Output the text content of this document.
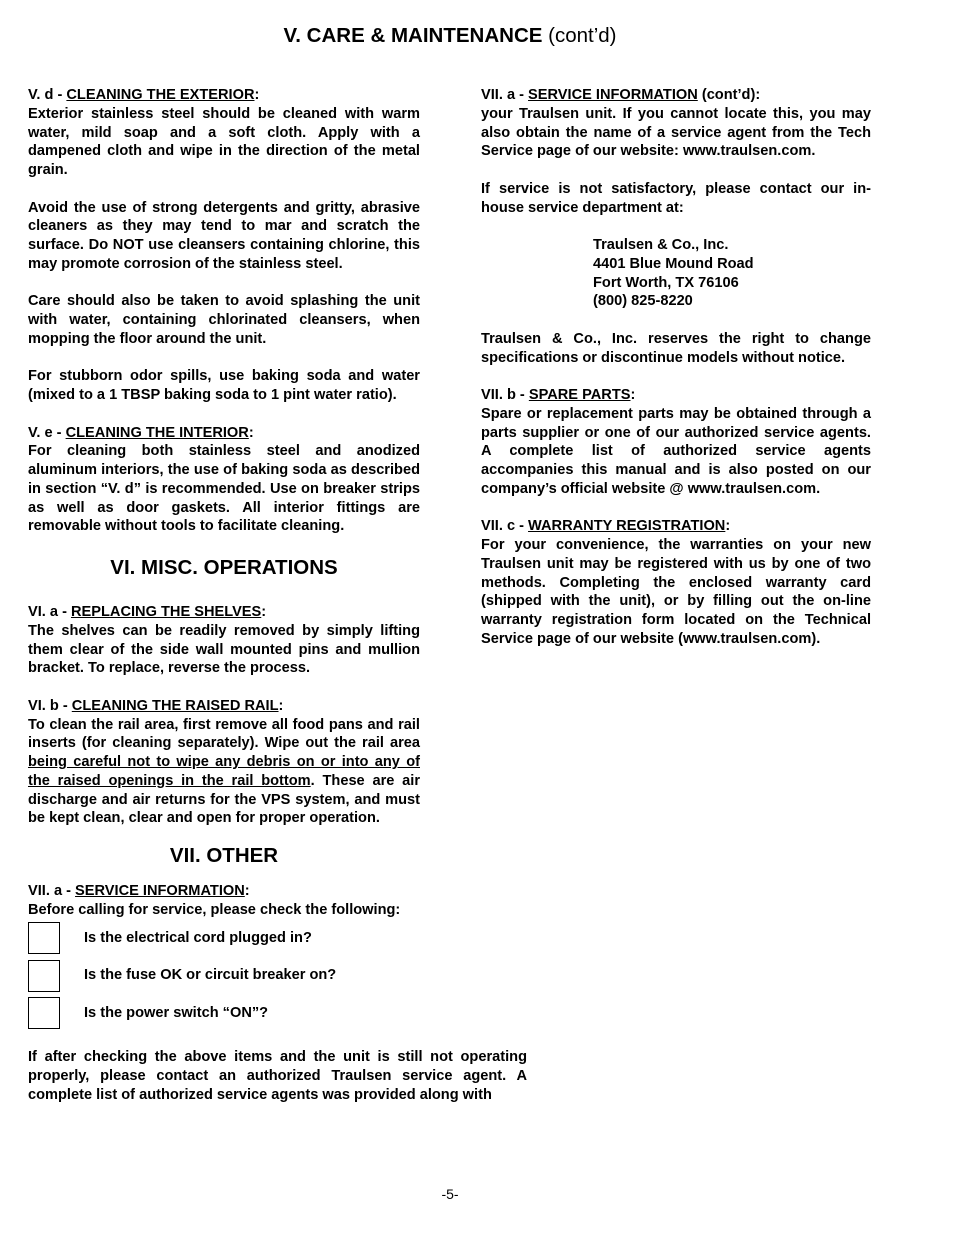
V. CARE & MAINTENANCE (cont’d)

V. d - CLEANING THE EXTERIOR:

Exterior stainless steel should be cleaned with warm water, mild soap and a soft cloth. Apply with a dampened cloth and wipe in the direction of the metal grain.

Avoid the use of strong detergents and gritty, abrasive cleaners as they may tend to mar and scratch the surface. Do NOT use cleansers containing chlorine, this may promote corrosion of the stainless steel.

Care should also be taken to avoid splashing the unit with water, containing chlorinated cleansers, when mopping the floor around the unit.

For stubborn odor spills, use baking soda and water (mixed to a 1 TBSP baking soda to 1 pint water ratio).

V. e - CLEANING THE INTERIOR:

For cleaning both stainless steel and anodized aluminum interiors, the use of baking soda as described in section “V. d” is recommended. Use on breaker strips as well as door gaskets. All interior fittings are removable without tools to facilitate cleaning.

VI. MISC. OPERATIONS

VI. a - REPLACING THE SHELVES:

The shelves can be readily removed by simply lifting them clear of the side wall mounted pins and mullion bracket. To replace, reverse the process.

VI. b - CLEANING THE RAISED RAIL:

To clean the rail area, first remove all food pans and rail inserts (for cleaning separately). Wipe out the rail area being careful not to wipe any debris on or into any of the raised openings in the rail bottom. These are air discharge and air returns for the VPS system, and must be kept clean, clear and open for proper operation.

VII. OTHER

VII. a - SERVICE INFORMATION:

Before calling for service, please check the following:

Is the electrical cord plugged in?
Is the fuse OK or circuit breaker on?
Is the power switch “ON”?

If after checking the above items and the unit is still not operating properly, please contact an authorized Traulsen service agent. A complete list of authorized service agents was provided along with

VII. a - SERVICE INFORMATION (cont’d):

your Traulsen unit. If you cannot locate this, you may also obtain the name of a service agent from the Tech Service page of our website: www.traulsen.com.

If service is not satisfactory, please contact our in-house service department at:

Traulsen & Co., Inc.
4401 Blue Mound Road
Fort Worth, TX 76106
(800) 825-8220

Traulsen & Co., Inc. reserves the right to change specifications or discontinue models without notice.

VII. b - SPARE PARTS:

Spare or replacement parts may be obtained through a parts supplier or one of our authorized service agents. A complete list of authorized service agents accompanies this manual and is also posted on our company’s official website @ www.traulsen.com.

VII. c - WARRANTY REGISTRATION:

For your convenience, the warranties on your new Traulsen unit may be registered with us by one of two methods. Completing the enclosed warranty card (shipped with the unit), or by filling out the on-line warranty registration form located on the Technical Service page of our website (www.traulsen.com).

-5-
